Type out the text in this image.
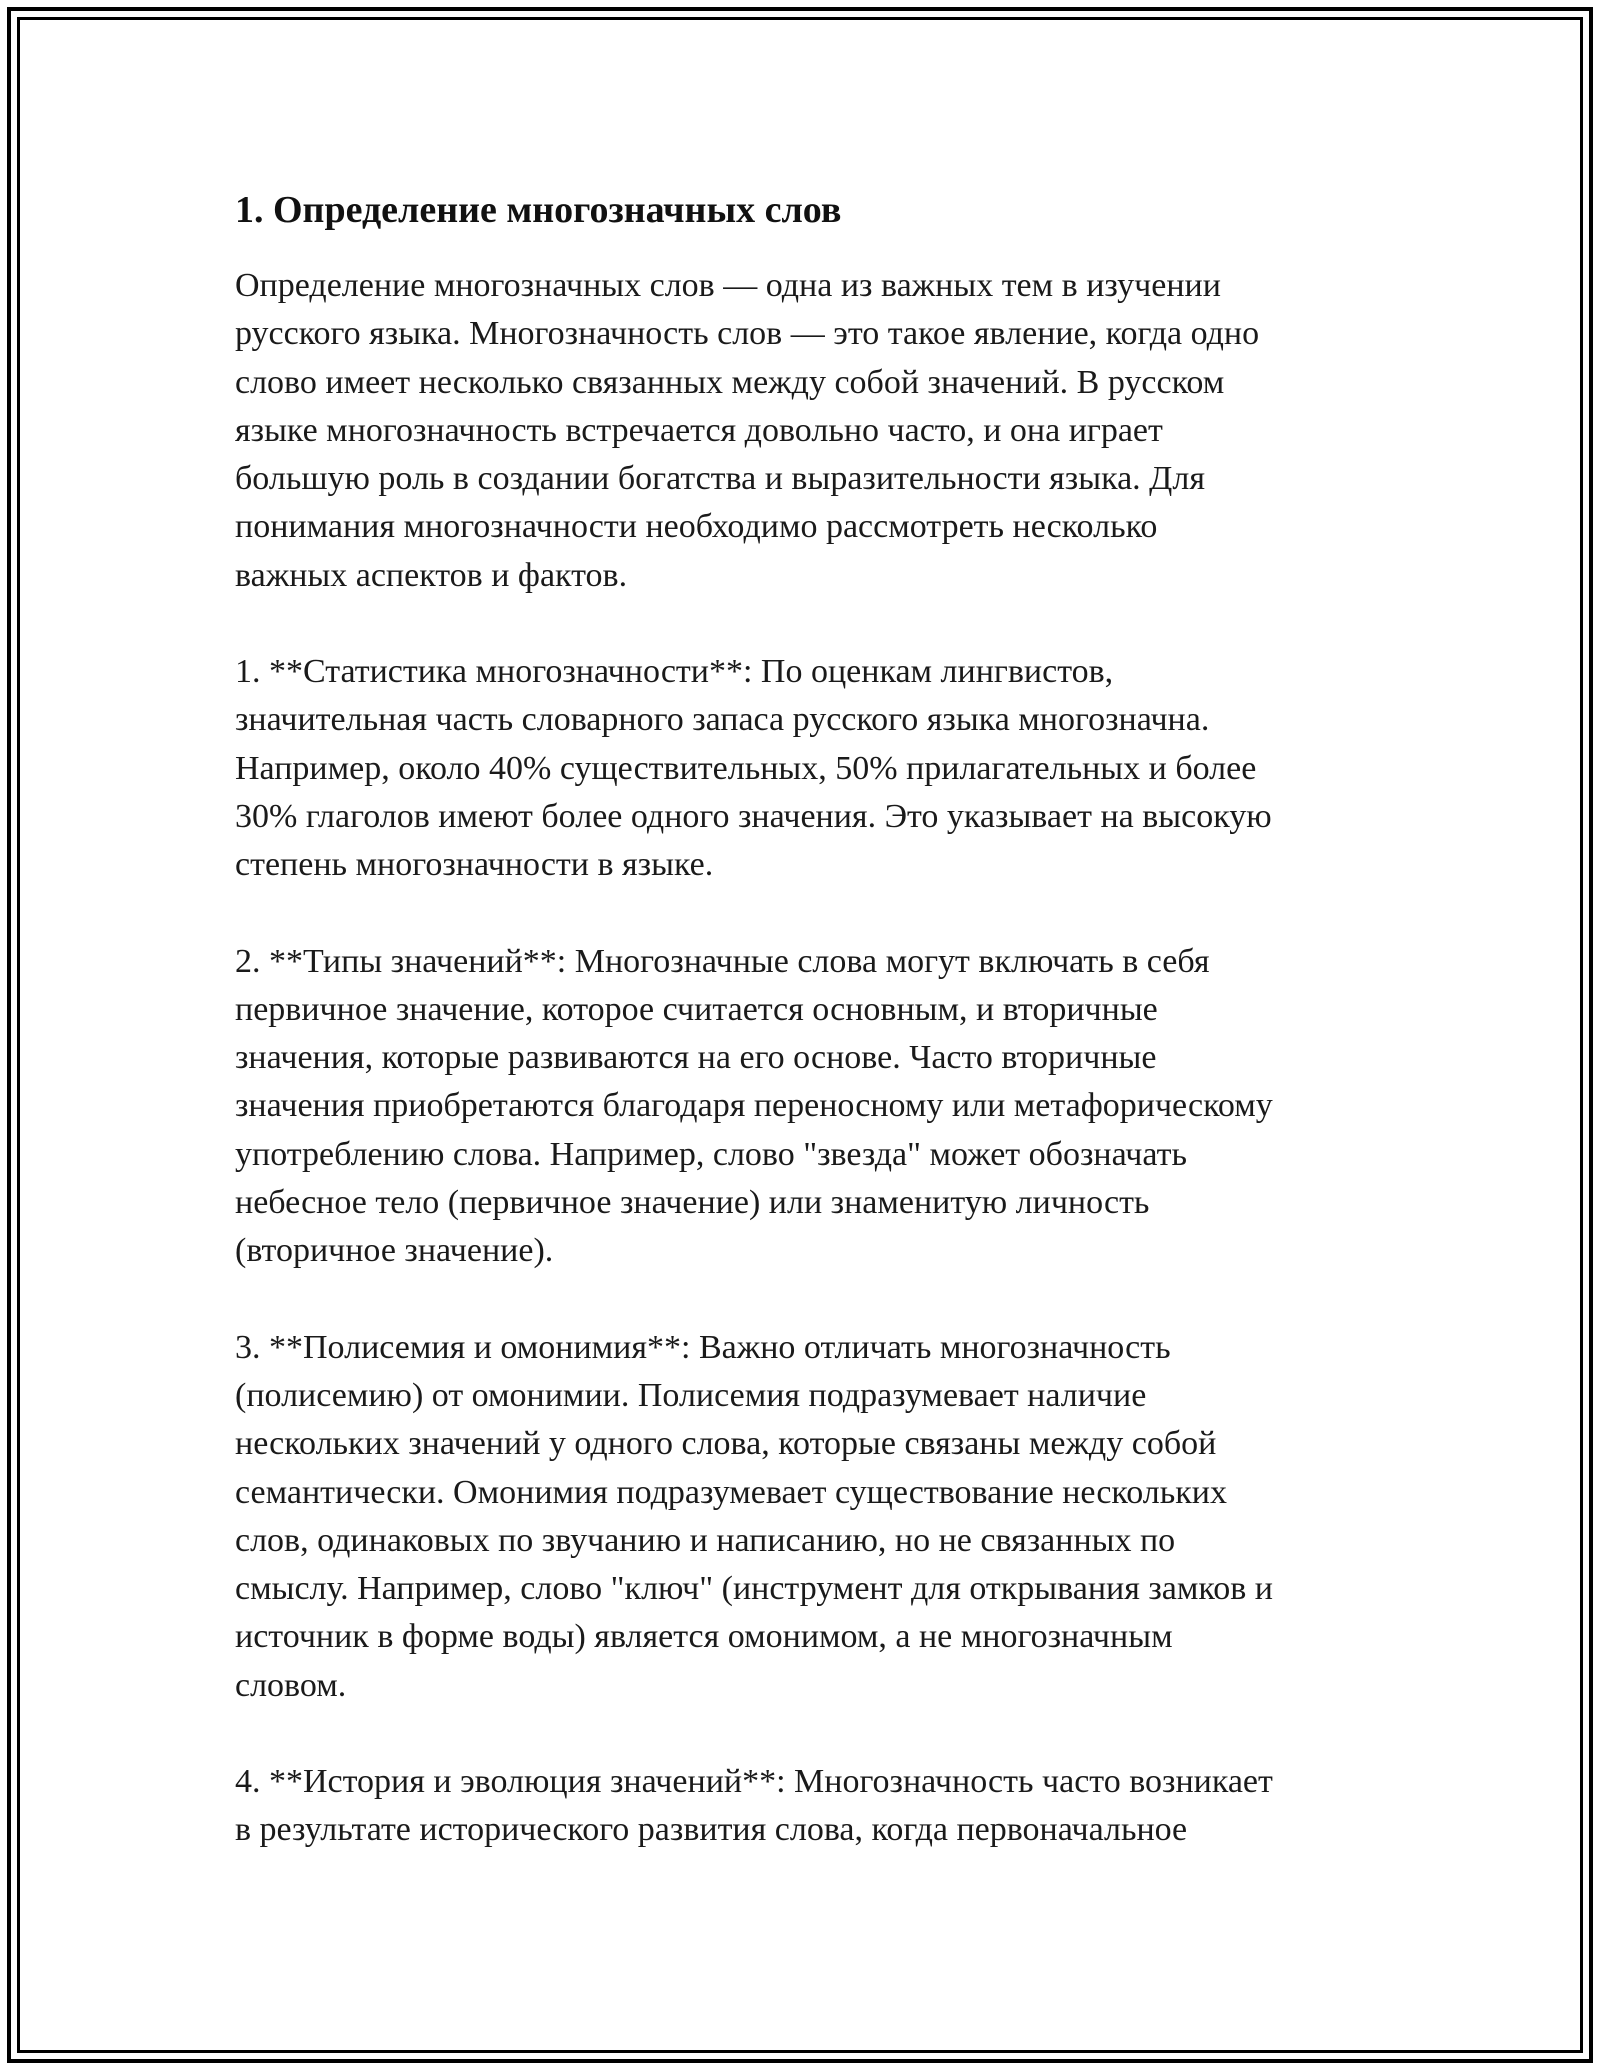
1. Определение многозначных слов

Определение многозначных слов — одна из важных тем в изучении
русского языка. Многозначность слов — это такое явление, когда одно
слово имеет несколько связанных между собой значений. В русском
языке многозначность встречается довольно часто, и она играет
большую роль в создании богатства и выразительности языка. Для
понимания многозначности необходимо рассмотреть несколько
важных аспектов и фактов.

1. **Статистика многозначности**: По оценкам лингвистов,
значительная часть словарного запаса русского языка многозначна.
Например, около 40% существительных, 50% прилагательных и более
30% глаголов имеют более одного значения. Это указывает на высокую
степень многозначности в языке.

2. **Типы значений**: Многозначные слова могут включать в себя
первичное значение, которое считается основным, и вторичные
значения, которые развиваются на его основе. Часто вторичные
значения приобретаются благодаря переносному или метафорическому
употреблению слова. Например, слово "звезда" может обозначать
небесное тело (первичное значение) или знаменитую личность
(вторичное значение).

3. **Полисемия и омонимия**: Важно отличать многозначность
(полисемию) от омонимии. Полисемия подразумевает наличие
нескольких значений у одного слова, которые связаны между собой
семантически. Омонимия подразумевает существование нескольких
слов, одинаковых по звучанию и написанию, но не связанных по
смыслу. Например, слово "ключ" (инструмент для открывания замков и
источник в форме воды) является омонимом, а не многозначным
словом.

4. **История и эволюция значений**: Многозначность часто возникает
в результате исторического развития слова, когда первоначальное
